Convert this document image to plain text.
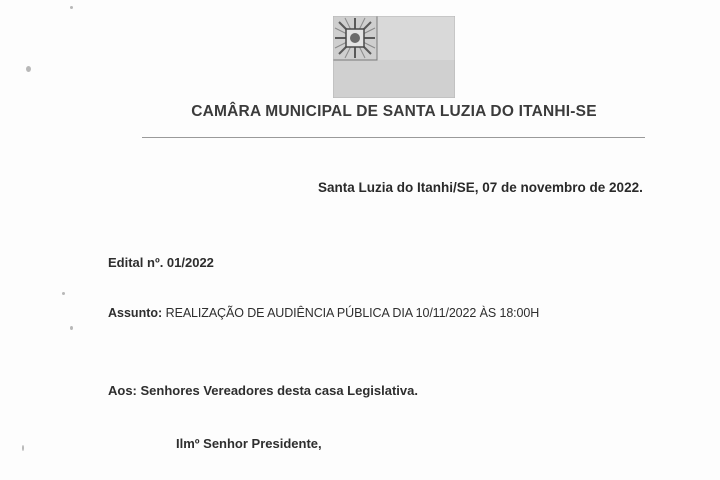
CAMÂRA MUNICIPAL DE SANTA LUZIA DO ITANHI-SE
Santa Luzia do Itanhi/SE, 07 de novembro de 2022.
Edital nº. 01/2022
Assunto: REALIZAÇÃO DE AUDIÊNCIA PÚBLICA DIA 10/11/2022 ÀS 18:00H
Aos: Senhores Vereadores desta casa Legislativa.
Ilmº Senhor Presidente,
